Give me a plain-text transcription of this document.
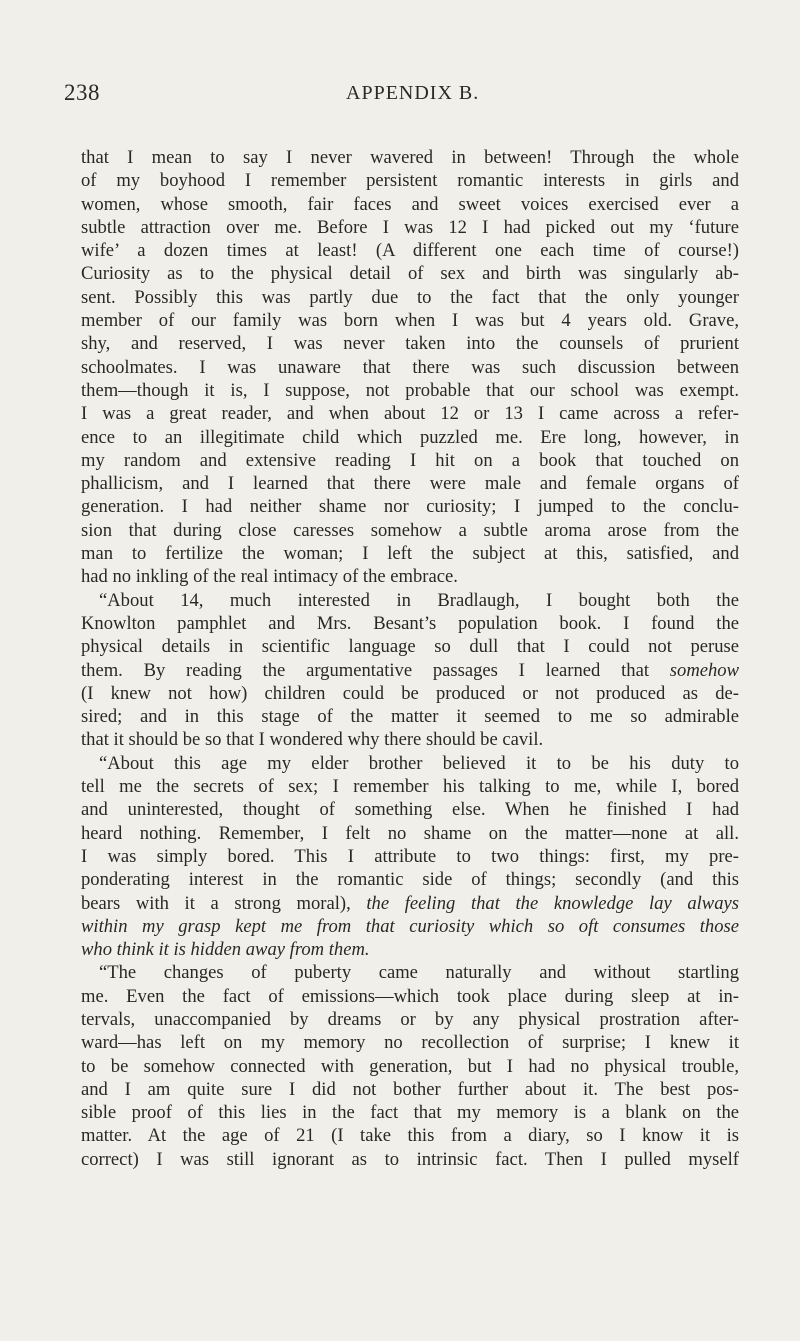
238	APPENDIX B.
that I mean to say I never wavered in between! Through the whole
of my boyhood I remember persistent romantic interests in girls and
women, whose smooth, fair faces and sweet voices exercised ever a
subtle attraction over me. Before I was 12 I had picked out my ‘future
wife’ a dozen times at least! (A different one each time of course!)
Curiosity as to the physical detail of sex and birth was singularly ab-
sent. Possibly this was partly due to the fact that the only younger
member of our family was born when I was but 4 years old. Grave,
shy, and reserved, I was never taken into the counsels of prurient
schoolmates. I was unaware that there was such discussion between
them—though it is, I suppose, not probable that our school was exempt.
I was a great reader, and when about 12 or 13 I came across a refer-
ence to an illegitimate child which puzzled me. Ere long, however, in
my random and extensive reading I hit on a book that touched on
phallicism, and I learned that there were male and female organs of
generation. I had neither shame nor curiosity; I jumped to the conclu-
sion that during close caresses somehow a subtle aroma arose from the
man to fertilize the woman; I left the subject at this, satisfied, and
had no inkling of the real intimacy of the embrace.
“About 14, much interested in Bradlaugh, I bought both the
Knowlton pamphlet and Mrs. Besant’s population book. I found the
physical details in scientific language so dull that I could not peruse
them. By reading the argumentative passages I learned that somehow
(I knew not how) children could be produced or not produced as de-
sired; and in this stage of the matter it seemed to me so admirable
that it should be so that I wondered why there should be cavil.
“About this age my elder brother believed it to be his duty to
tell me the secrets of sex; I remember his talking to me, while I, bored
and uninterested, thought of something else. When he finished I had
heard nothing. Remember, I felt no shame on the matter—none at all.
I was simply bored. This I attribute to two things: first, my pre-
ponderating interest in the romantic side of things; secondly (and this
bears with it a strong moral), the feeling that the knowledge lay always
within my grasp kept me from that curiosity which so oft consumes those
who think it is hidden away from them.
“The changes of puberty came naturally and without startling
me. Even the fact of emissions—which took place during sleep at in-
tervals, unaccompanied by dreams or by any physical prostration after-
ward—has left on my memory no recollection of surprise; I knew it
to be somehow connected with generation, but I had no physical trouble,
and I am quite sure I did not bother further about it. The best pos-
sible proof of this lies in the fact that my memory is a blank on the
matter. At the age of 21 (I take this from a diary, so I know it is
correct) I was still ignorant as to intrinsic fact. Then I pulled myself
